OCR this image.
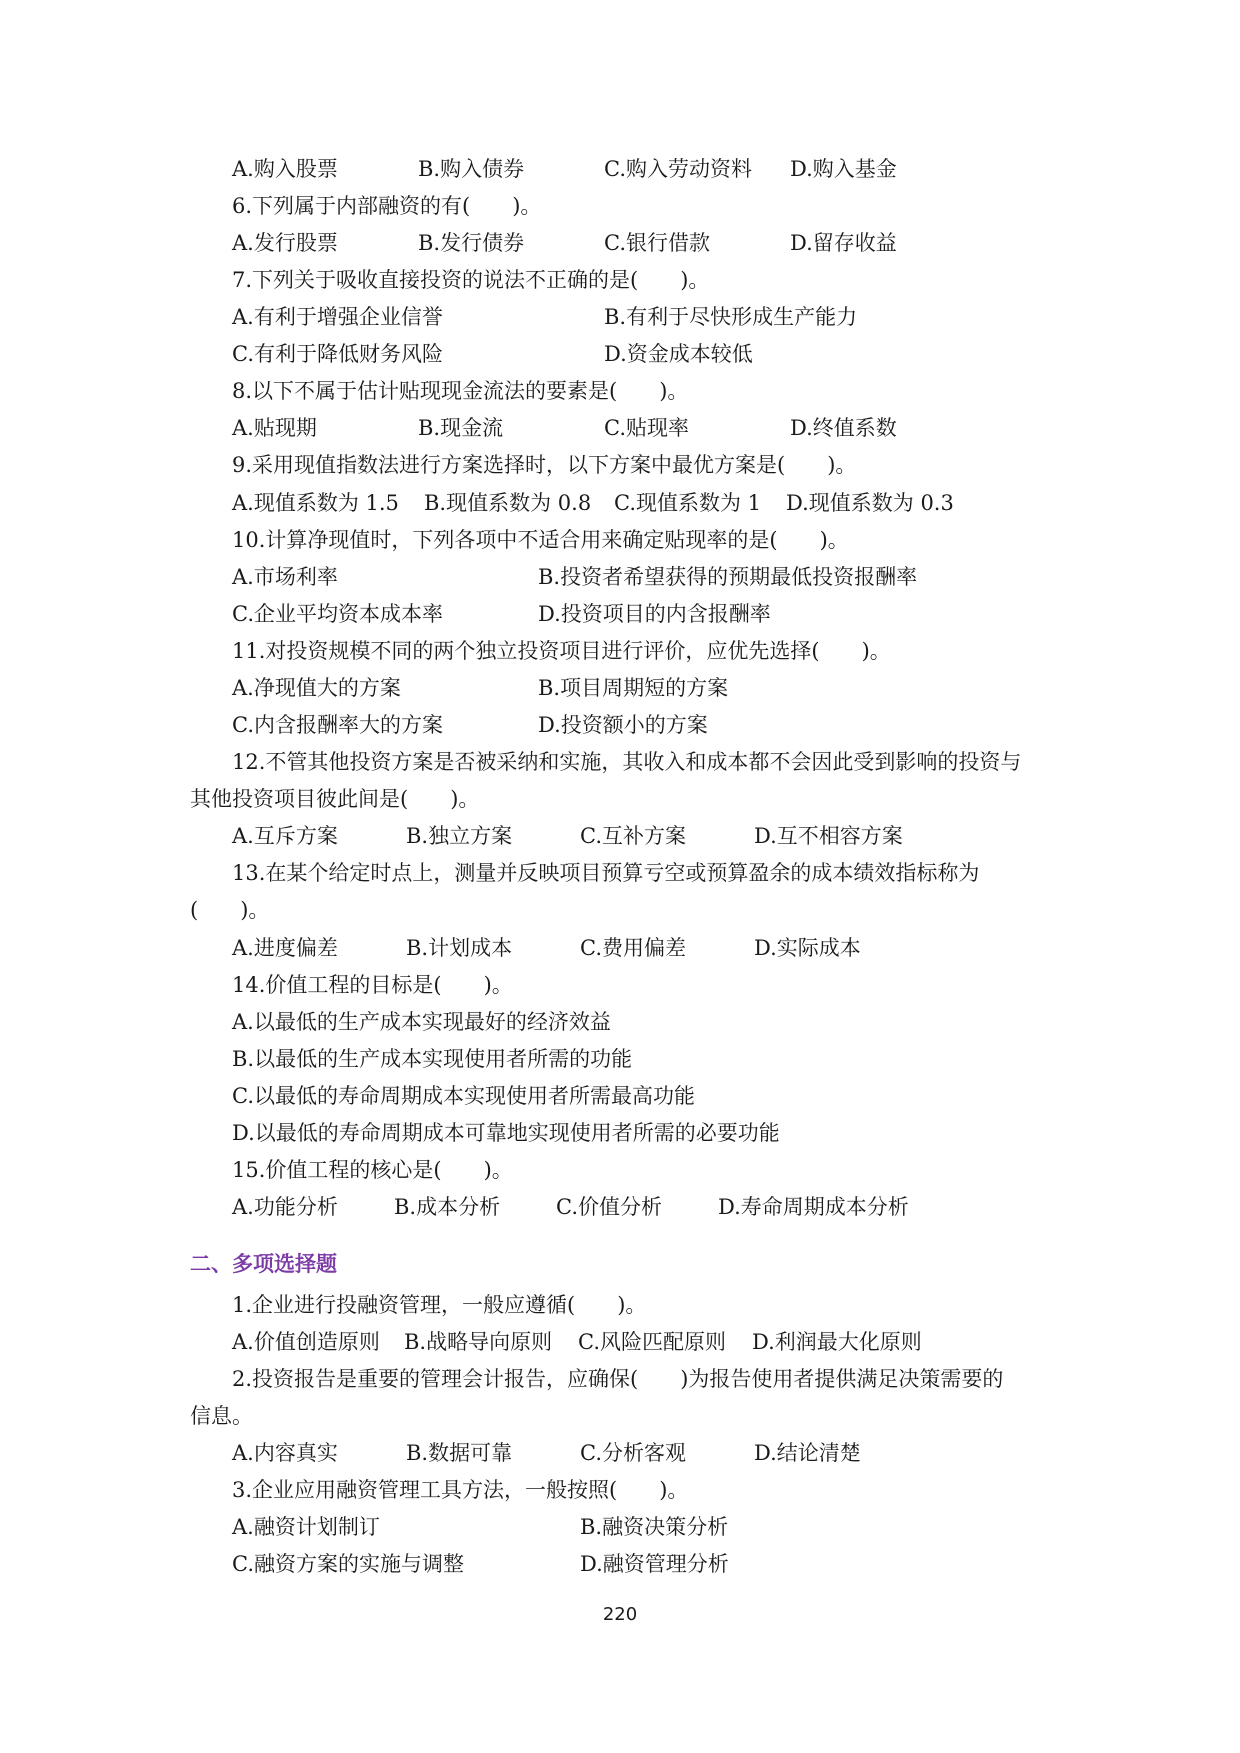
A.购入股票	B.购入债券	C.购入劳动资料 D.购入基金
6.下列属于内部融资的有(　　)。
A.发行股票	B.发行债券	C.银行借款	D.留存收益
7.下列关于吸收直接投资的说法不正确的是(　　)。
A.有利于增强企业信誉	B.有利于尽快形成生产能力
C.有利于降低财务风险	D.资金成本较低
8.以下不属于估计贴现现金流法的要素是(　　)。
A.贴现期	B.现金流	C.贴现率	D.终值系数
9.采用现值指数法进行方案选择时，以下方案中最优方案是(　　)。
A.现值系数为 1.5 B.现值系数为 0.8 C.现值系数为 1 D.现值系数为 0.3
10.计算净现值时，下列各项中不适合用来确定贴现率的是(　　)。
A.市场利率	B.投资者希望获得的预期最低投资报酬率
C.企业平均资本成本率	D.投资项目的内含报酬率
11.对投资规模不同的两个独立投资项目进行评价，应优先选择(　　)。
A.净现值大的方案	B.项目周期短的方案
C.内含报酬率大的方案	D.投资额小的方案
12.不管其他投资方案是否被采纳和实施，其收入和成本都不会因此受到影响的投资与
其他投资项目彼此间是(　　)。
A.互斥方案	B.独立方案	C.互补方案	D.互不相容方案
13.在某个给定时点上，测量并反映项目预算亏空或预算盈余的成本绩效指标称为
(　　)。
A.进度偏差	B.计划成本	C.费用偏差	D.实际成本
14.价值工程的目标是(　　)。
A.以最低的生产成本实现最好的经济效益
B.以最低的生产成本实现使用者所需的功能
C.以最低的寿命周期成本实现使用者所需最高功能
D.以最低的寿命周期成本可靠地实现使用者所需的必要功能
15.价值工程的核心是(　　)。
A.功能分析	B.成本分析	C.价值分析	D.寿命周期成本分析
二、多项选择题
1.企业进行投融资管理，一般应遵循(　　)。
A.价值创造原则 B.战略导向原则 C.风险匹配原则 D.利润最大化原则
2.投资报告是重要的管理会计报告，应确保(　　)为报告使用者提供满足决策需要的
信息。
A.内容真实	B.数据可靠	C.分析客观	D.结论清楚
3.企业应用融资管理工具方法，一般按照(　　)。
A.融资计划制订	B.融资决策分析
C.融资方案的实施与调整	D.融资管理分析
220
